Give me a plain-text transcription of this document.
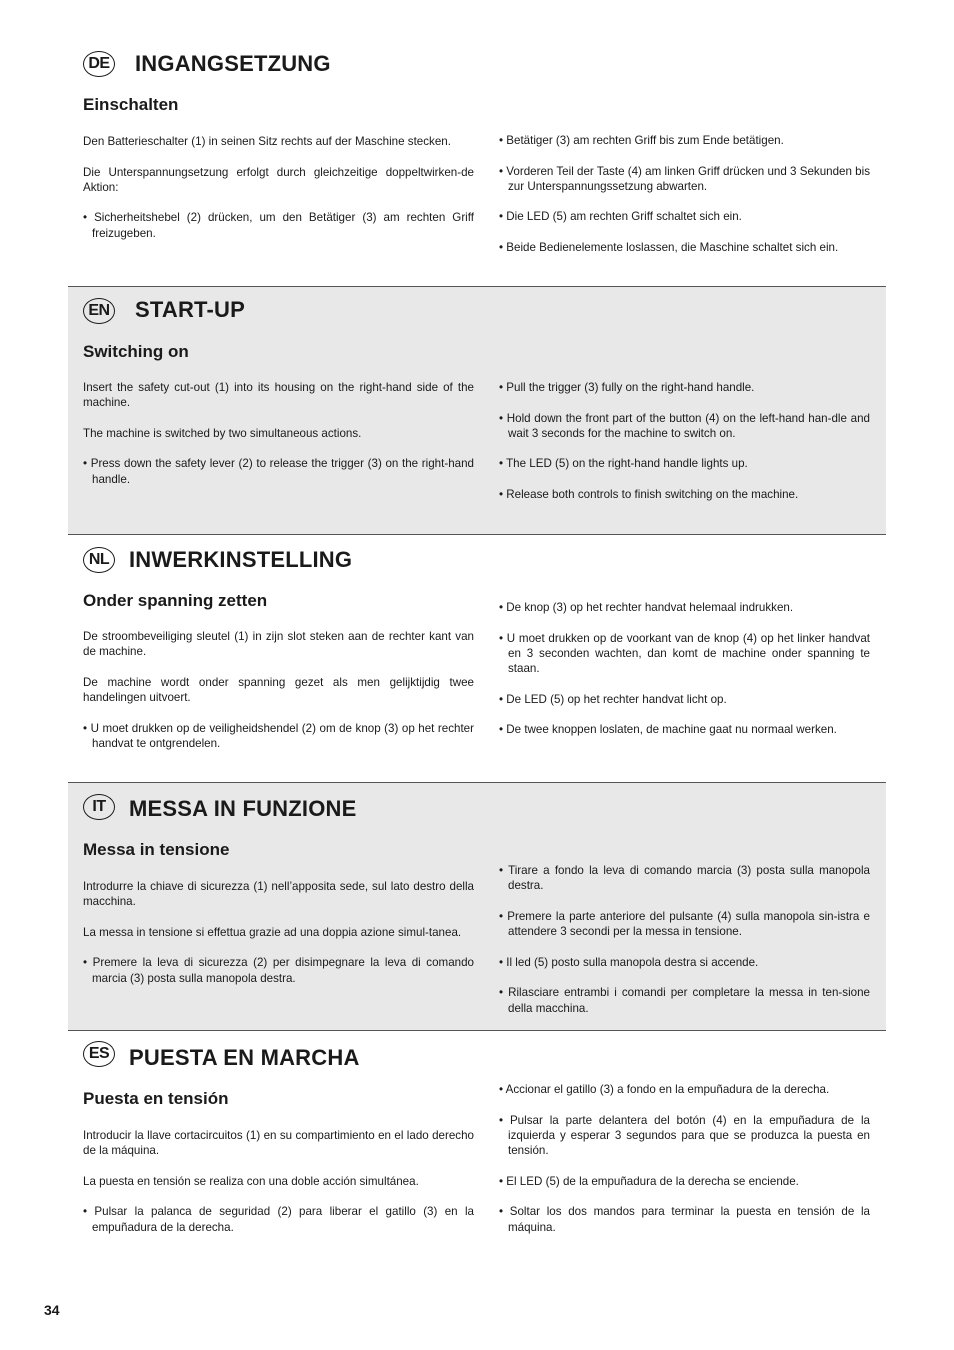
DE INGANGSETZUNG
Einschalten

Den Batterieschalter (1) in seinen Sitz rechts auf der Maschine stecken.

Die Unterspannungsetzung erfolgt durch gleichzeitige doppeltwirken-de Aktion:

• Sicherheitshebel (2) drücken, um den Betätiger (3) am rechten Griff freizugeben.

• Betätiger (3) am rechten Griff bis zum Ende betätigen.

• Vorderen Teil der Taste (4) am linken Griff drücken und 3 Sekunden bis zur Unterspannungssetzung abwarten.

• Die LED (5) am rechten Griff schaltet sich ein.

• Beide Bedienelemente loslassen, die Maschine schaltet sich ein.

EN START-UP
Switching on

Insert the safety cut-out (1) into its housing on the right-hand side of the machine.

The machine is switched by two simultaneous actions.

• Press down the safety lever (2) to release the trigger (3) on the right-hand handle.

• Pull the trigger (3) fully on the right-hand handle.

• Hold down the front part of the button (4) on the left-hand han-dle and wait 3 seconds for the machine to switch on.

• The LED (5) on the right-hand handle lights up.

• Release both controls to finish switching on the machine.

NL INWERKINSTELLING
Onder spanning zetten

De stroombeveiliging sleutel (1) in zijn slot steken aan de rechter kant van de machine.

De machine wordt onder spanning gezet als men gelijktijdig twee handelingen uitvoert.

• U moet drukken op de veiligheidshendel (2) om de knop (3) op het rechter handvat te ontgrendelen.

• De knop (3) op het rechter handvat helemaal indrukken.

• U moet drukken op de voorkant van de knop (4) op het linker handvat en 3 seconden wachten, dan komt de machine onder spanning te staan.

• De LED (5) op het rechter handvat licht op.

• De twee knoppen loslaten, de machine gaat nu normaal werken.

IT	MESSA IN FUNZIONE
Messa in tensione

Introdurre la chiave di sicurezza (1) nell’apposita sede, sul lato destro della macchina.

La messa in tensione si effettua grazie ad una doppia azione simul-tanea.

• Premere la leva di sicurezza (2) per disimpegnare la leva di comando marcia (3) posta sulla manopola destra.

• Tirare a fondo la leva di comando marcia (3) posta sulla manopola destra.

• Premere la parte anteriore del pulsante (4) sulla manopola sin-istra e attendere 3 secondi per la messa in tensione.

• Il led (5) posto sulla manopola destra si accende.

• Rilasciare entrambi i comandi per completare la messa in ten-sione della macchina.

ES PUESTA EN MARCHA
Puesta en tensión

Introducir la llave cortacircuitos (1) en su compartimiento en el lado derecho de la máquina.

La puesta en tensión se realiza con una doble acción simultánea.

• Pulsar la palanca de seguridad (2) para liberar el gatillo (3) en la empuñadura de la derecha.

• Accionar el gatillo (3) a fondo en la empuñadura de la derecha.

• Pulsar la parte delantera del botón (4) en la empuñadura de la izquierda y esperar 3 segundos para que se produzca la puesta en tensión.

• El LED (5) de la empuñadura de la derecha se enciende.

• Soltar los dos mandos para terminar la puesta en tensión de la máquina.

34
